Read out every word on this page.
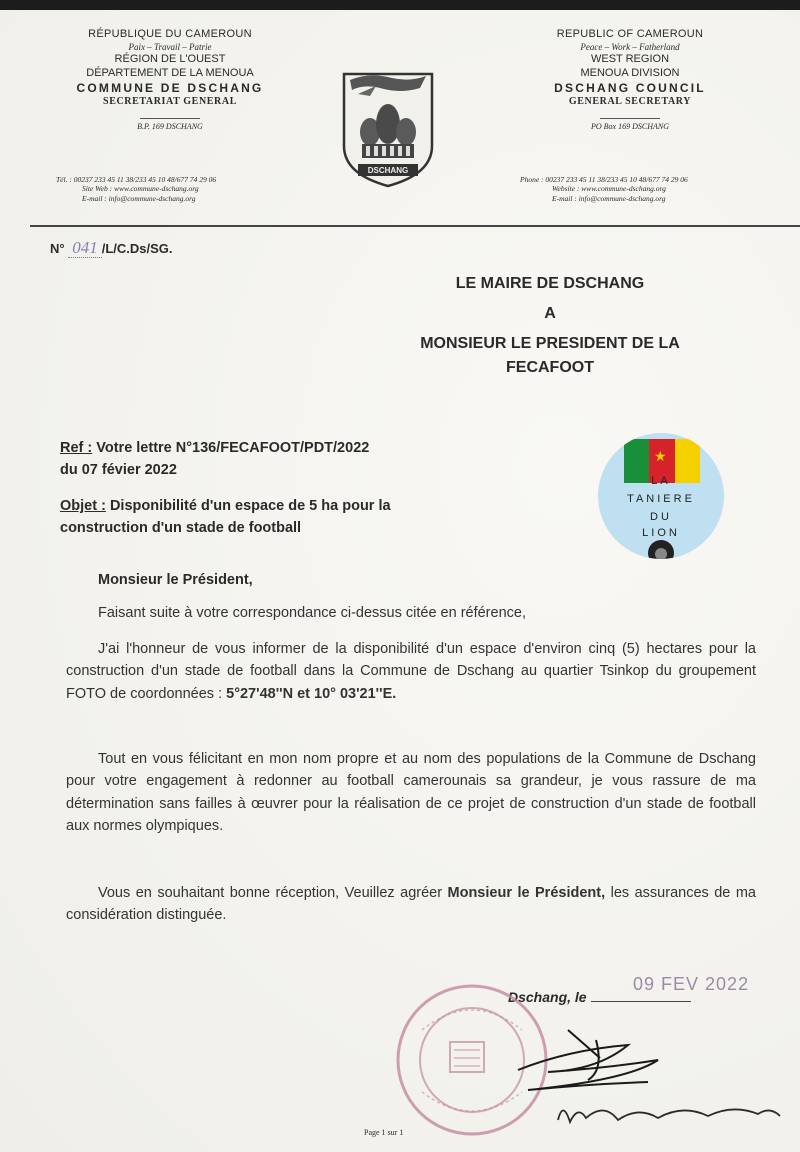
RÉPUBLIQUE DU CAMEROUN
Paix – Travail – Patrie
RÉGION DE L'OUEST
DÉPARTEMENT DE LA MENOUA
COMMUNE DE DSCHANG
SECRETARIAT GENERAL
B.P. 169 DSCHANG
Tél. : 00237 233 45 11 38/233 45 10 48/677 74 29 06
Site Web : www.commune-dschang.org
E-mail : info@commune-dschang.org
DSCHANG
REPUBLIC OF CAMEROUN
Peace – Work – Fatherland
WEST REGION
MENOUA DIVISION
DSCHANG COUNCIL
GENERAL SECRETARY
PO Box 169 DSCHANG
Phone : 00237 233 45 11 38/233 45 10 48/677 74 29 06
Website : www.commune-dschang.org
E-mail : info@commune-dschang.org
N° 041 /L/C.Ds/SG.
LE MAIRE DE DSCHANG
A
MONSIEUR LE PRESIDENT DE LA
FECAFOOT
Ref : Votre lettre N°136/FECAFOOT/PDT/2022
du 07 févier 2022
Objet : Disponibilité d'un espace de 5 ha pour la
construction d'un stade de football
★
LA
TANIERE
DU
LION
Monsieur le Président,
Faisant suite à votre correspondance ci-dessus citée en référence,
J'ai l'honneur de vous informer de la disponibilité d'un espace d'environ cinq (5) hectares pour la construction d'un stade de football dans la Commune de Dschang au quartier Tsinkop du groupement FOTO de coordonnées : 5°27'48''N et 10° 03'21''E.
Tout en vous félicitant en mon nom propre et au nom des populations de la Commune de Dschang pour votre engagement à redonner au football camerounais sa grandeur, je vous rassure de ma détermination sans failles à œuvrer pour la réalisation de ce projet de construction d'un stade de football aux normes olympiques.
Vous en souhaitant bonne réception, Veuillez agréer Monsieur le Président, les assurances de ma considération distinguée.
09 FEV 2022
Dschang, le
Page 1 sur 1
